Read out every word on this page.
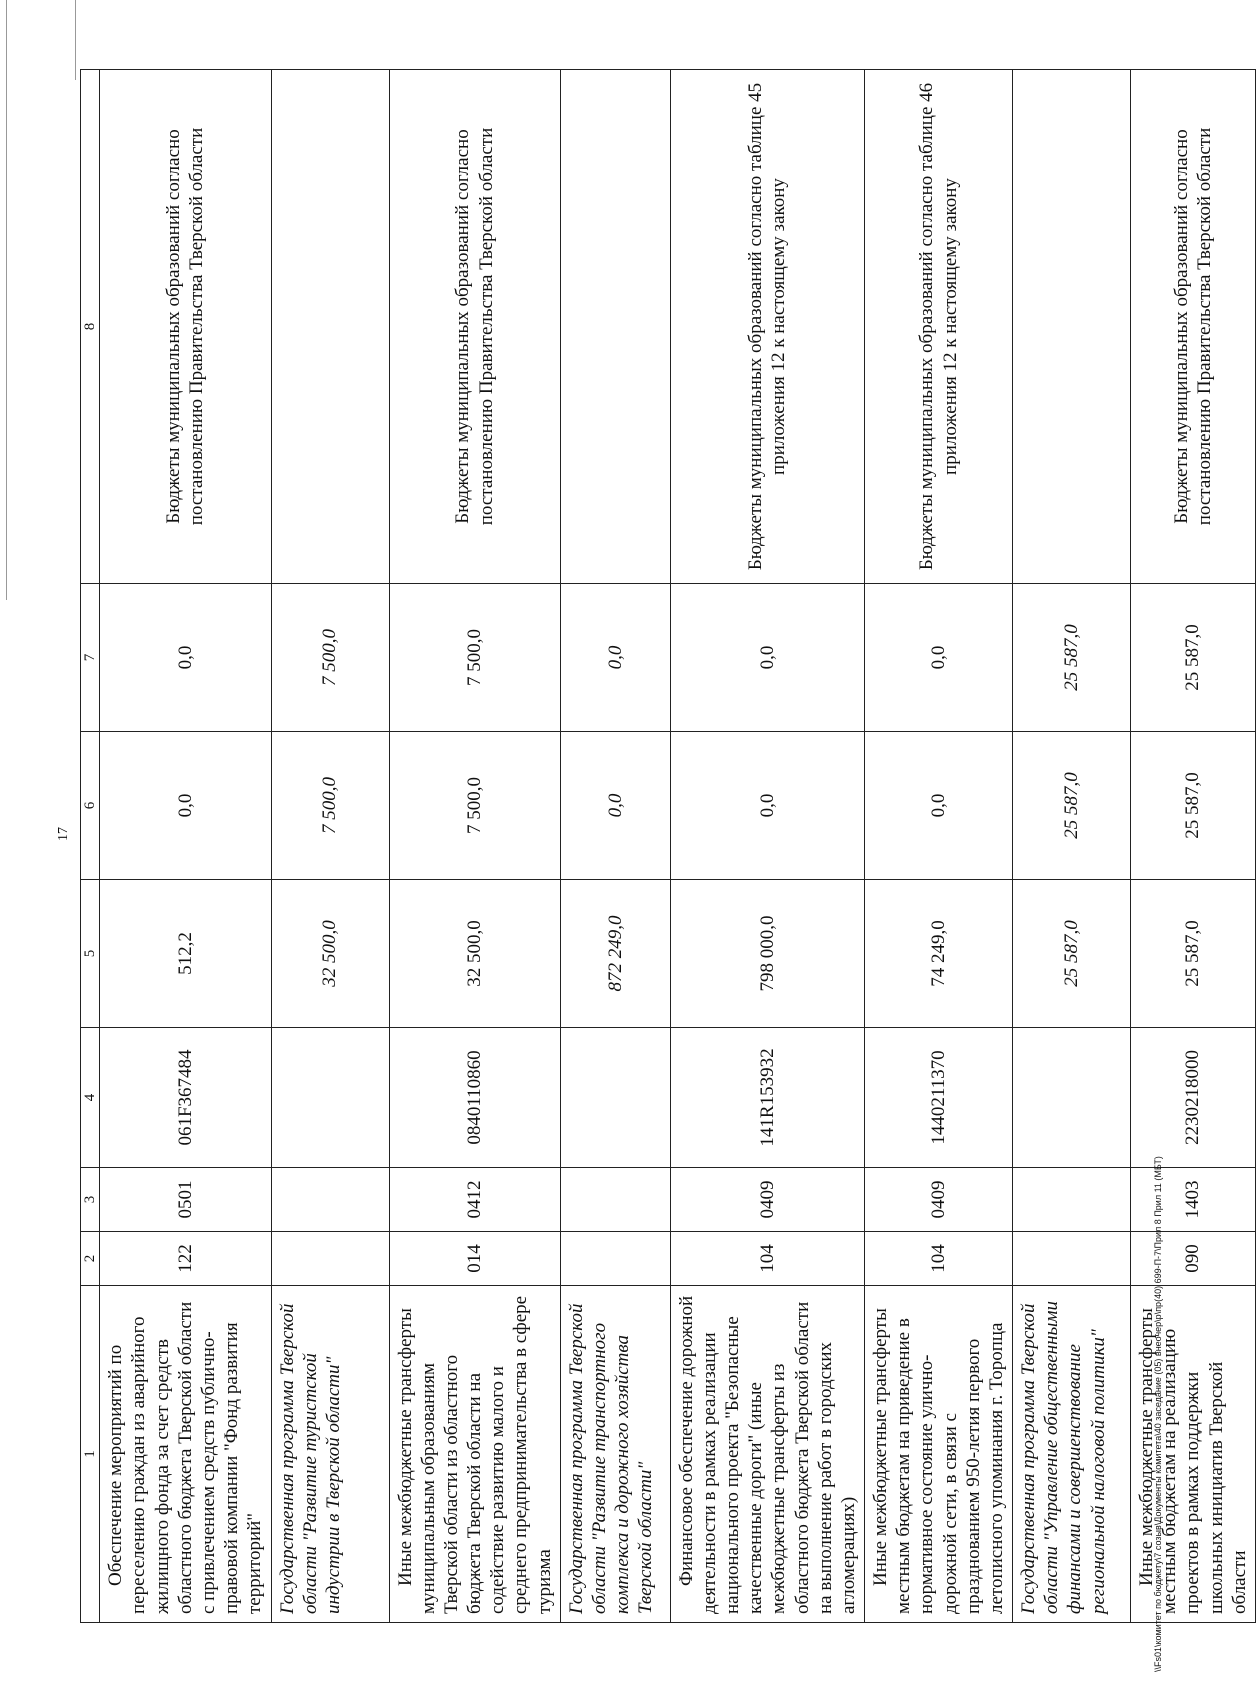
17
1	2	3	4	5	6	7	8
Обеспечение мероприятий по переселению граждан из аварийного жилищного фонда за счет средств областного бюджета Тверской области с привлечением средств публично-правовой компании "Фонд развития территорий"	122	0501	061F367484	512,2	0,0	0,0	Бюджеты муниципальных образований согласно постановлению Правительства Тверской области
Государственная программа Тверской области "Развитие туристской индустрии в Тверской области"				32 500,0	7 500,0	7 500,0	
Иные межбюджетные трансферты муниципальным образованиям Тверской области из областного бюджета Тверской области на содействие развитию малого и среднего предпринимательства в сфере туризма	014	0412	0840110860	32 500,0	7 500,0	7 500,0	Бюджеты муниципальных образований согласно постановлению Правительства Тверской области
Государственная программа Тверской области "Развитие транспортного комплекса и дорожного хозяйства Тверской области"				872 249,0	0,0	0,0	
Финансовое обеспечение дорожной деятельности в рамках реализации национального проекта "Безопасные качественные дороги" (иные межбюджетные трансферты из областного бюджета Тверской области на выполнение работ в городских агломерациях)	104	0409	141R153932	798 000,0	0,0	0,0	Бюджеты муниципальных образований согласно таблице 45 приложения 12 к настоящему закону
Иные межбюджетные трансферты местным бюджетам на приведение в нормативное состояние улично-дорожной сети, в связи с празднованием 950-летия первого летописного упоминания г. Торопца	104	0409	1440211370	74 249,0	0,0	0,0	Бюджеты муниципальных образований согласно таблице 46 приложения 12 к настоящему закону
Государственная программа Тверской области "Управление общественными финансами и совершенствование региональной налоговой политики"				25 587,0	25 587,0	25 587,0	
Иные межбюджетные трансферты местным бюджетам на реализацию проектов в рамках поддержки школьных инициатив Тверской области	090	1403	2230218000	25 587,0	25 587,0	25 587,0	Бюджеты муниципальных образований согласно постановлению Правительства Тверской области
\\Fs01\комитет по бюджету\7 созыв\Документы комитета\40 заседание (05) внеочер\р\пр(40) 699-П-7\Прил 8 Прил 11 (МБТ)
